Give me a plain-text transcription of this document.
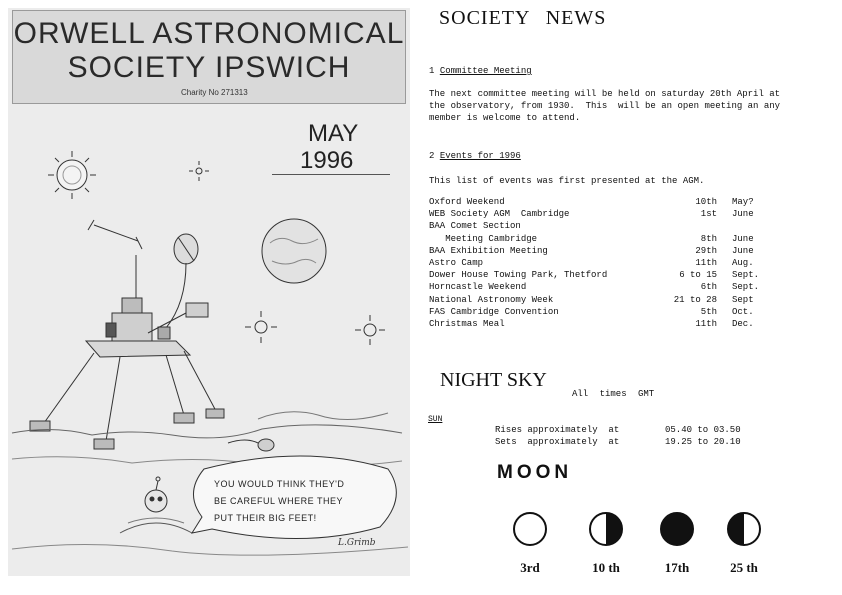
ORWELL ASTRONOMICAL
SOCIETY IPSWICH
Charity No 271313
MAY
1996
YOU WOULD THINK THEY'D
BE CAREFUL WHERE THEY
PUT THEIR BIG FEET!
L.Grimb
SOCIETY NEWS
1 Committee Meeting
The next committee meeting will be held on saturday 20th April at
the observatory, from 1930.  This  will be an open meeting an any
member is welcome to attend.
2 Events for 1996
This list of events was first presented at the AGM.
Oxford Weekend	10th May?
WEB Society AGM  Cambridge	1st June
BAA Comet Section
Meeting Cambridge	8th June
BAA Exhibition Meeting	29th June
Astro Camp	11th Aug.
Dower House Towing Park, Thetford	6 to 15 Sept.
Horncastle Weekend	6th Sept.
National Astronomy Week	21 to 28 Sept
FAS Cambridge Convention	5th Oct.
Christmas Meal	11th Dec.
NIGHT SKY
All times GMT
SUN
Rises approximately  at	05.40 to 03.50
Sets  approximately  at	19.25 to 20.10
MOON
3rd	10 th	17th	25 th
